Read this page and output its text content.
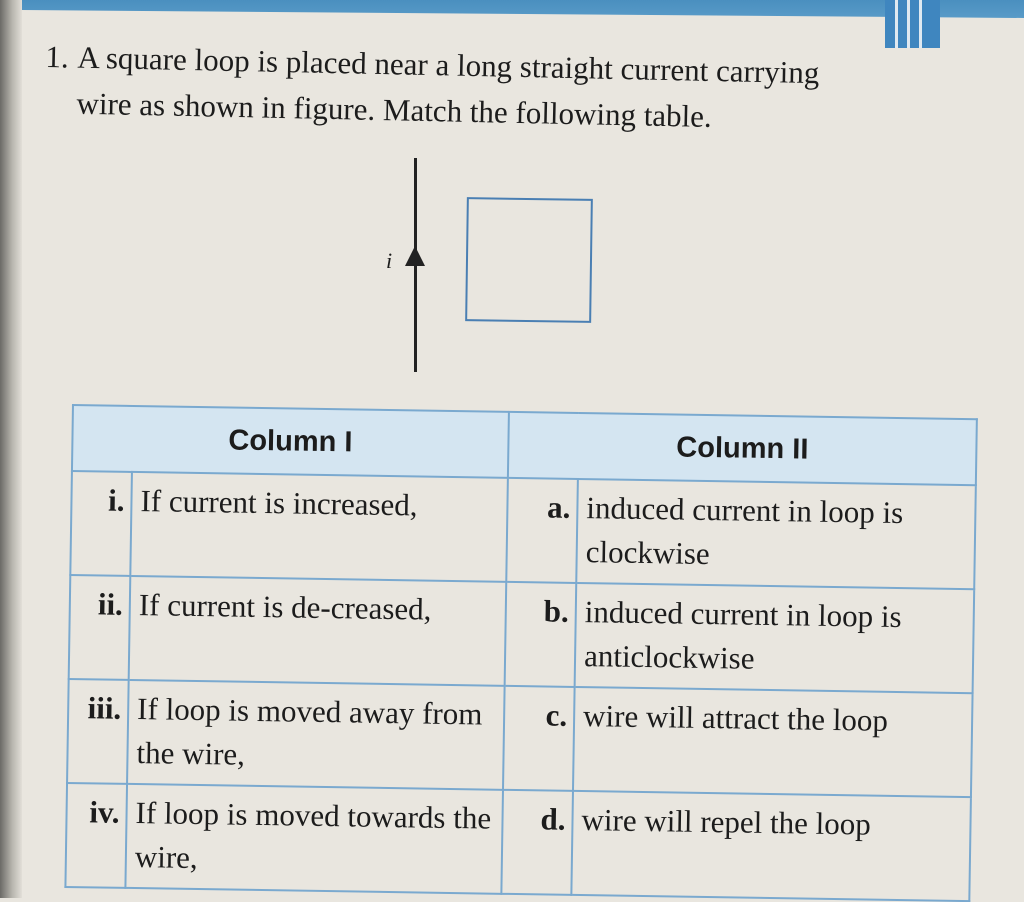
1. A square loop is placed near a long straight current carrying
wire as shown in figure. Match the following table.
i
Column I		Column II	
i.	If current is increased,	a.	induced current in loop is clockwise
ii.	If current is de-creased,	b.	induced current in loop is anticlockwise
iii.	If loop is moved away from the wire,	c.	wire will attract the loop
iv.	If loop is moved towards the wire,	d.	wire will repel the loop
